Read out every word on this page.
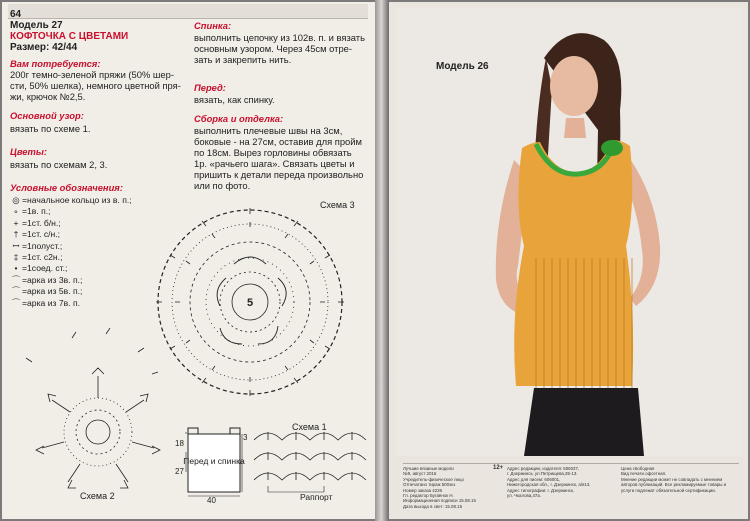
64
Модель 27
КОФТОЧКА С ЦВЕТАМИ
Размер: 42/44
Вам потребуется:
200г темно-зеленой пряжи (50% шер-
сти, 50% шелка), немного цветной пря-
жи, крючок №2,5.
Основной узор:
вязать по схеме 1.
Цветы:
вязать по схемам 2, 3.
Условные обозначения:
◎ =начальное кольцо из в. п.;
∘ =1в. п.;
+ =1ст. б/н.;
† =1ст. с/н.;
ꟷ =1полуст.;
‡ =1ст. с2н.;
• =1соед. ст.;
⌒ =арка из 3в. п.;
⌒ =арка из 5в. п.;
⌒ =арка из 7в. п.
Спинка:
выполнить цепочку из 102в. п. и вязать
основным узором. Через 45см отре-
зать и закрепить нить.
Перед:
вязать, как спинку.
Сборка и отделка:
выполнить плечевые швы на 3см,
боковые - на 27см, оставив для пройм
по 18см. Вырез горловины обвязать
1р. «рачьего шага». Связать цветы и
пришить к детали переда произвольно
или по фото.
5
Схема 3
Схема 2
Перед и спинка
3
18
27
40
Схема 1
Раппорт
Модель 26
Лучшие вязаные модели
№9, август 2015
Учредитель-физическое лицо
Отпечатано тираж 500экз
Номер заказа 4236
Гл. редактор Бугаёнок Н.
Информационная подписи 15.08.15
Дата выхода в свет: 15.08.15
12+ Адрес редакции, издателя: 606037,
г. Дзержинск, ул.Петрищева,35-13.
Адрес для писем: 606001,
Нижегородская обл., г. Дзержинск, а/я13.
Адрес типографии: г. Дзержинск,
ул. Чкалова,47а.
Цена свободная
Вид печати офсетная.
Мнение редакции может не совпадать с мнением
авторов публикаций. Все рекламируемые товары и
услуги подлежат обязательной сертификации.
